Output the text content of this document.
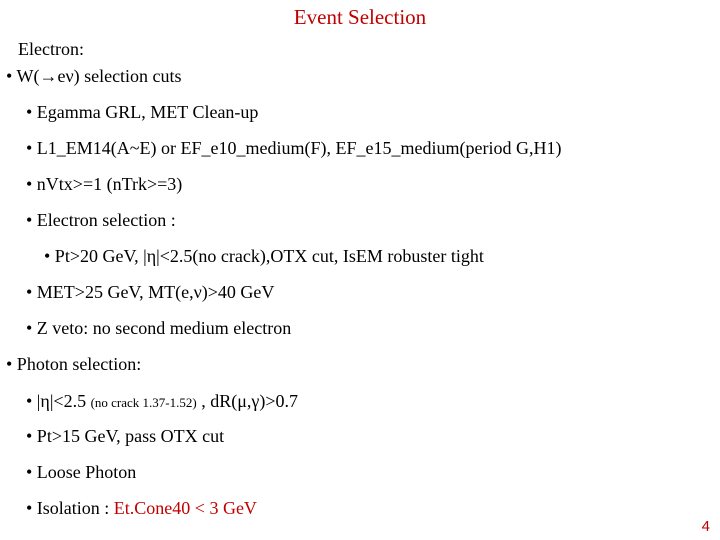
Event Selection
Electron:
• W(→eν) selection cuts
• Egamma GRL, MET Clean-up
• L1_EM14(A~E) or EF_e10_medium(F), EF_e15_medium(period G,H1)
• nVtx>=1 (nTrk>=3)
• Electron selection :
• Pt>20 GeV, |η|<2.5(no crack),OTX cut, IsEM robuster tight
• MET>25 GeV, MT(e,ν)>40 GeV
• Z veto: no second medium electron
• Photon selection:
• |η|<2.5 (no crack 1.37-1.52) , dR(μ,γ)>0.7
• Pt>15 GeV, pass OTX cut
• Loose Photon
• Isolation : Et.Cone40 < 3 GeV
4
